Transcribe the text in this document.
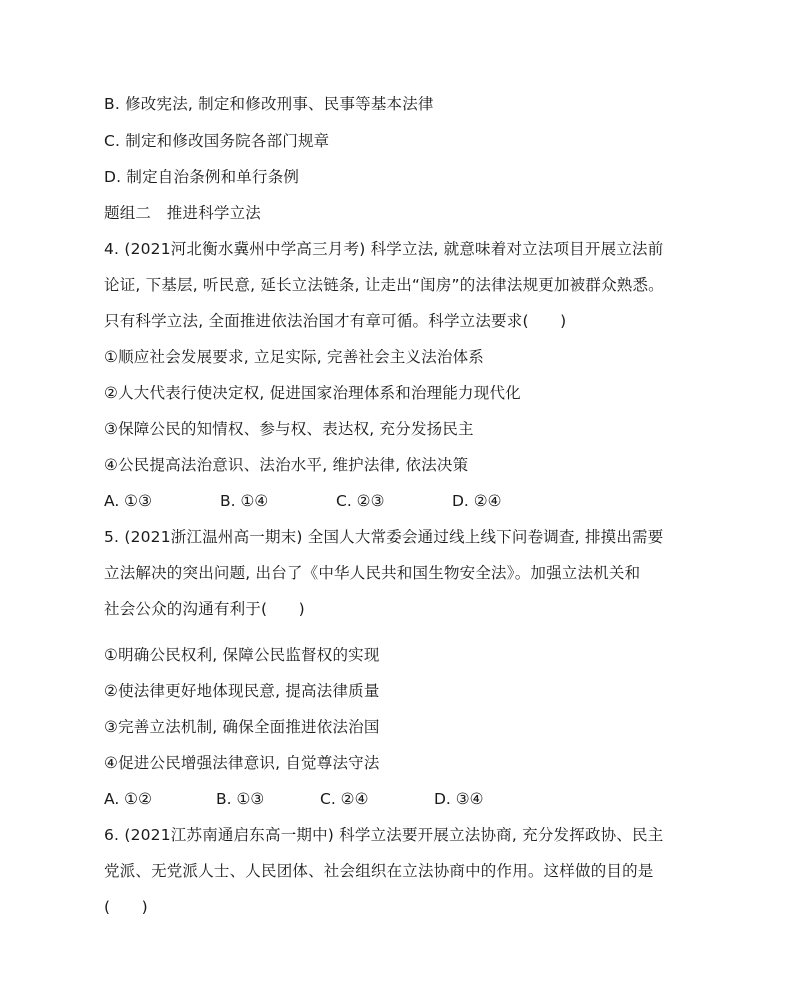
B. 修改宪法, 制定和修改刑事、民事等基本法律
C. 制定和修改国务院各部门规章
D. 制定自治条例和单行条例
题组二　推进科学立法
4. (2021河北衡水冀州中学高三月考) 科学立法, 就意味着对立法项目开展立法前
论证, 下基层, 听民意, 延长立法链条, 让走出“闺房”的法律法规更加被群众熟悉。
只有科学立法, 全面推进依法治国才有章可循。科学立法要求(　　)
①顺应社会发展要求, 立足实际, 完善社会主义法治体系
②人大代表行使决定权, 促进国家治理体系和治理能力现代化
③保障公民的知情权、参与权、表达权, 充分发扬民主
④公民提高法治意识、法治水平, 维护法律, 依法决策
A. ①③	B. ①④	C. ②③	D. ②④
5. (2021浙江温州高一期末) 全国人大常委会通过线上线下问卷调查, 排摸出需要
立法解决的突出问题, 出台了《中华人民共和国生物安全法》。加强立法机关和
社会公众的沟通有利于(　　)
①明确公民权利, 保障公民监督权的实现
②使法律更好地体现民意, 提高法律质量
③完善立法机制, 确保全面推进依法治国
④促进公民增强法律意识, 自觉尊法守法
A. ①②	B. ①③	C. ②④	D. ③④
6. (2021江苏南通启东高一期中) 科学立法要开展立法协商, 充分发挥政协、民主
党派、无党派人士、人民团体、社会组织在立法协商中的作用。这样做的目的是
(　　)
